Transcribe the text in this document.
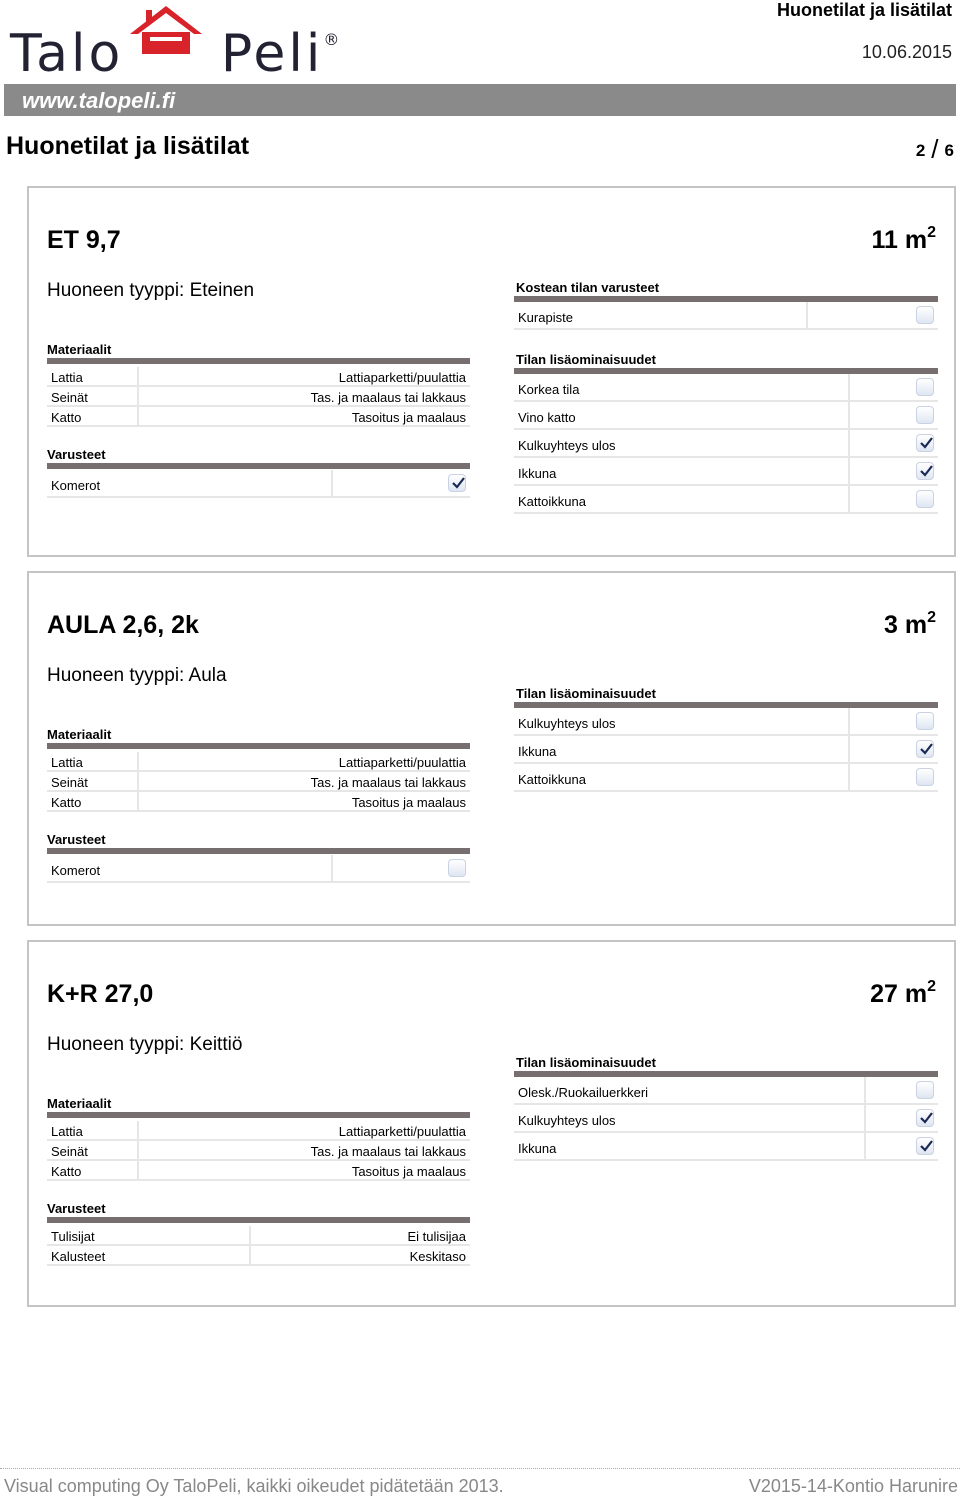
Talo     Peli®
Huonetilat ja lisätilat
10.06.2015
www.talopeli.fi
Huonetilat ja lisätilat	2 / 6
ET 9,7	11 $m^2$
Huoneen tyyppi: Eteinen
Materiaalit
Lattia	Lattiaparketti/puulattia
Seinät	Tas. ja maalaus tai lakkaus
Katto	Tasoitus ja maalaus
Varusteet
Komerot
Kostean tilan varusteet
Kurapiste
Tilan lisäominaisuudet
Korkea tila
Vino katto
Kulkuyhteys ulos
Ikkuna
Kattoikkuna
AULA 2,6, 2k	3 $m^2$
Huoneen tyyppi: Aula
Materiaalit
Lattia	Lattiaparketti/puulattia
Seinät	Tas. ja maalaus tai lakkaus
Katto	Tasoitus ja maalaus
Varusteet
Komerot
Tilan lisäominaisuudet
Kulkuyhteys ulos
Ikkuna
Kattoikkuna
K+R 27,0	27 $m^2$
Huoneen tyyppi: Keittiö
Materiaalit
Lattia	Lattiaparketti/puulattia
Seinät	Tas. ja maalaus tai lakkaus
Katto	Tasoitus ja maalaus
Varusteet
Tulisijat	Ei tulisijaa
Kalusteet	Keskitaso
Tilan lisäominaisuudet
Olesk./Ruokailuerkkeri
Kulkuyhteys ulos
Ikkuna
Visual computing Oy TaloPeli, kaikki oikeudet pidätetään 2013.	V2015-14-Kontio Harunire
